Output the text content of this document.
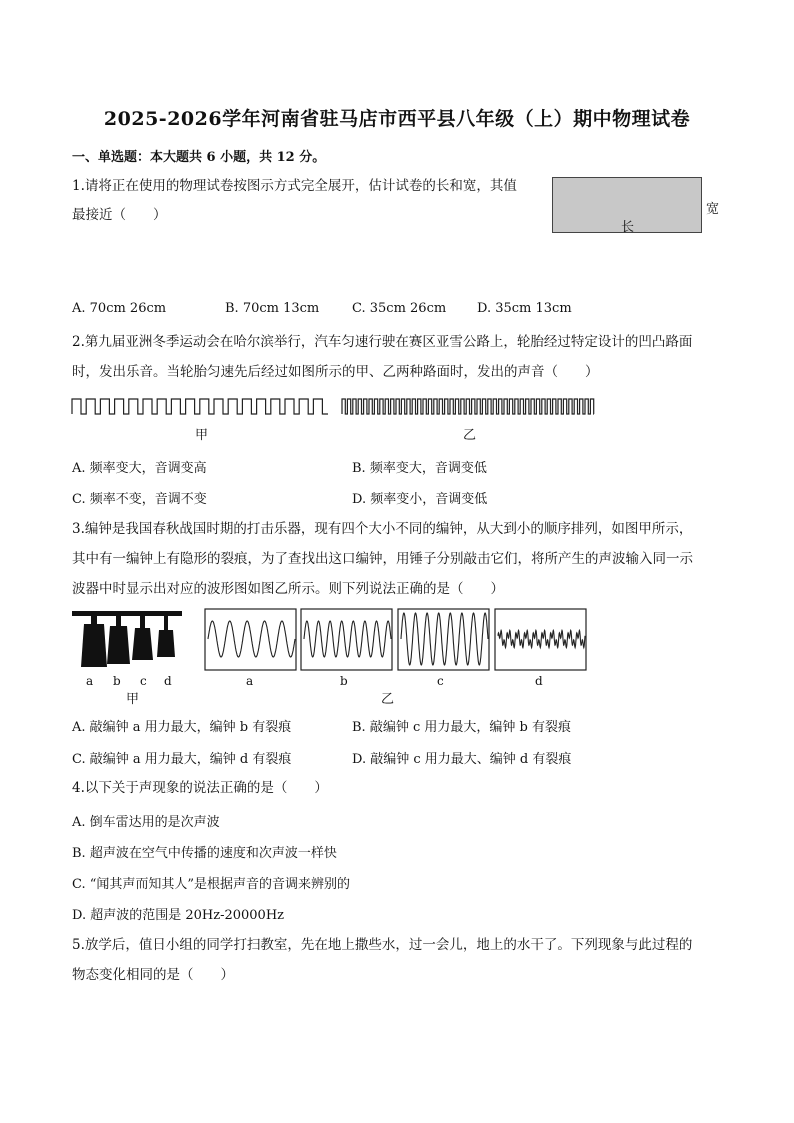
2025-2026学年河南省驻马店市西平县八年级（上）期中物理试卷
一、单选题：本大题共 6 小题，共 12 分。
1.请将正在使用的物理试卷按图示方式完全展开，估计试卷的长和宽，其值
最接近（　　）
长
宽
A. 70cm 26cm	B. 70cm 13cm	C. 35cm 26cm D. 35cm 13cm
2.第九届亚洲冬季运动会在哈尔滨举行，汽车匀速行驶在赛区亚雪公路上，轮胎经过特定设计的凹凸路面
时，发出乐音。当轮胎匀速先后经过如图所示的甲、乙两种路面时，发出的声音（　　）
甲	乙
A. 频率变大，音调变高	B. 频率变大，音调变低
C. 频率不变，音调不变	D. 频率变小，音调变低
3.编钟是我国春秋战国时期的打击乐器，现有四个大小不同的编钟，从大到小的顺序排列，如图甲所示，
其中有一编钟上有隐形的裂痕，为了查找出这口编钟，用锤子分别敲击它们，将所产生的声波输入同一示
波器中时显示出对应的波形图如图乙所示。则下列说法正确的是（　　）
a b c d
甲
a	b	c	d
乙
A. 敲编钟 a 用力最大，编钟 b 有裂痕	B. 敲编钟 c 用力最大，编钟 b 有裂痕
C. 敲编钟 a 用力最大，编钟 d 有裂痕	D. 敲编钟 c 用力最大、编钟 d 有裂痕
4.以下关于声现象的说法正确的是（　　）
A. 倒车雷达用的是次声波
B. 超声波在空气中传播的速度和次声波一样快
C. “闻其声而知其人”是根据声音的音调来辨别的
D. 超声波的范围是 20Hz-20000Hz
5.放学后，值日小组的同学打扫教室，先在地上撒些水，过一会儿，地上的水干了。下列现象与此过程的
物态变化相同的是（　　）
